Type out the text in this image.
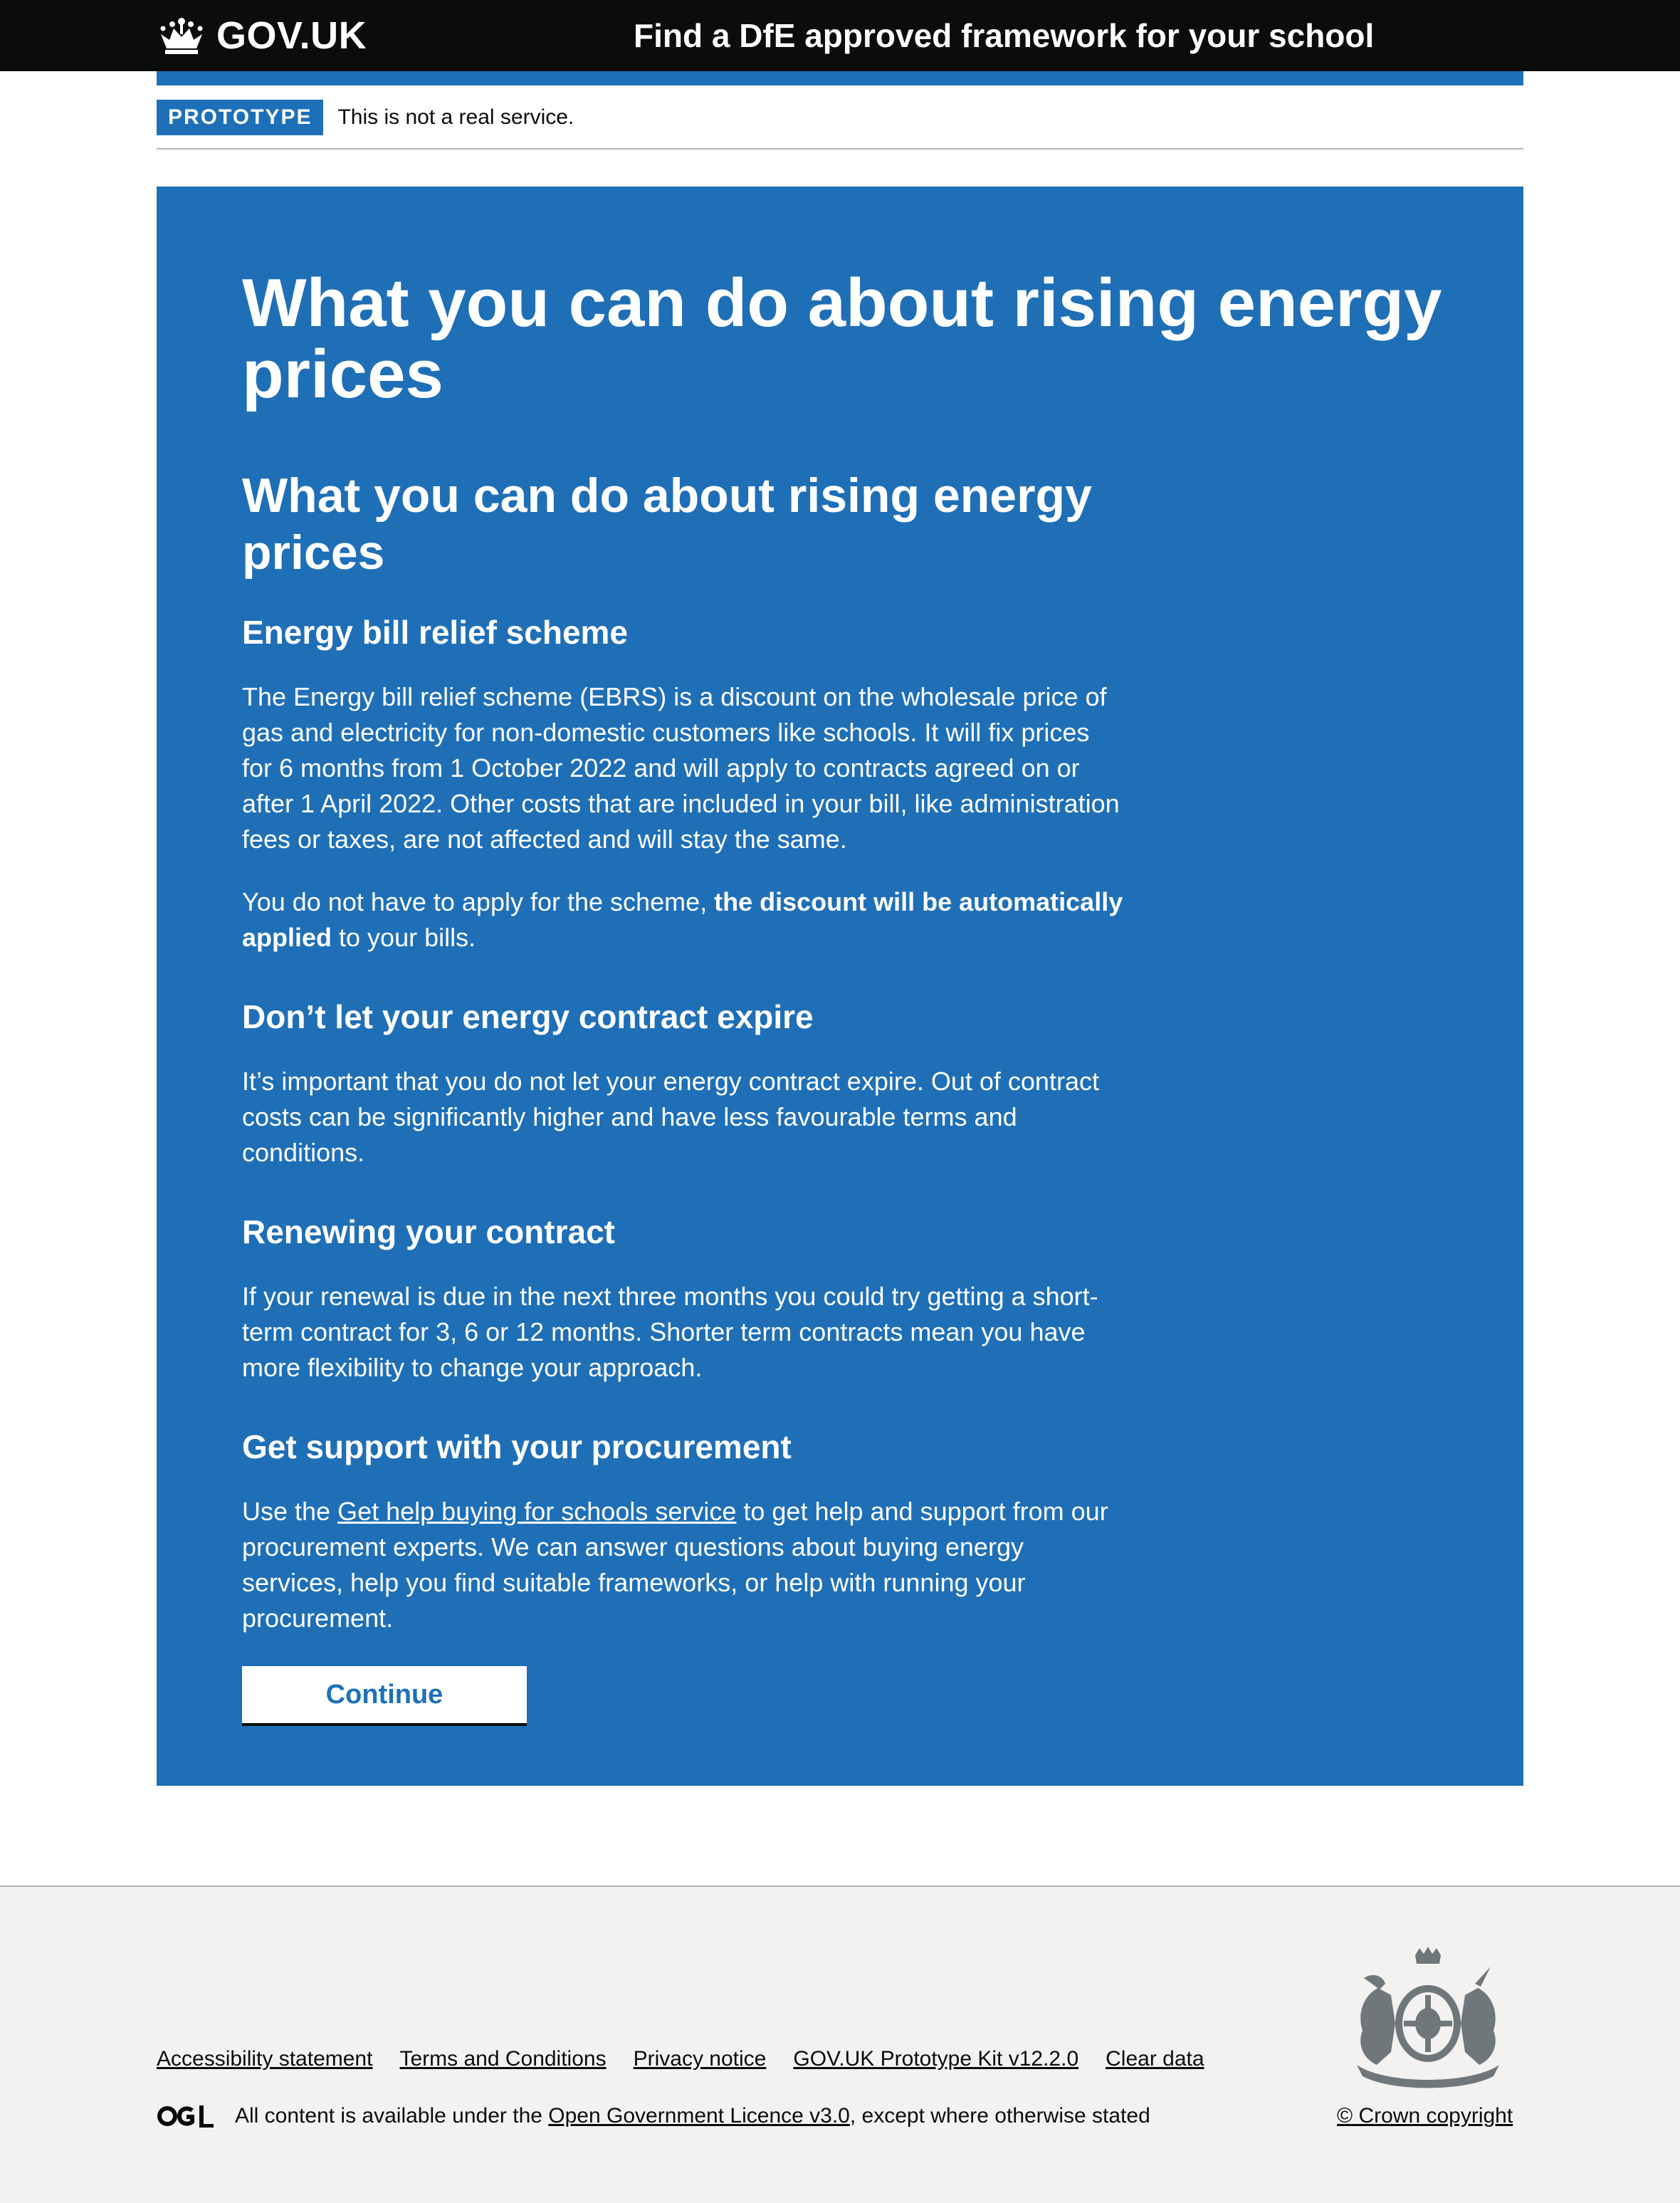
GOV.UK	Find a DfE approved framework for your school
PROTOTYPE	This is not a real service.
What you can do about rising energy prices
What you can do about rising energy prices
Energy bill relief scheme

The Energy bill relief scheme (EBRS) is a discount on the wholesale price of gas and electricity for non-domestic customers like schools. It will fix prices for 6 months from 1 October 2022 and will apply to contracts agreed on or after 1 April 2022. Other costs that are included in your bill, like administration fees or taxes, are not affected and will stay the same.

You do not have to apply for the scheme, the discount will be automatically applied to your bills.

Don’t let your energy contract expire

It’s important that you do not let your energy contract expire. Out of contract costs can be significantly higher and have less favourable terms and conditions.

Renewing your contract

If your renewal is due in the next three months you could try getting a short-term contract for 3, 6 or 12 months. Shorter term contracts mean you have more flexibility to change your approach.

Get support with your procurement

Use the Get help buying for schools service to get help and support from our procurement experts. We can answer questions about buying energy services, help you find suitable frameworks, or help with running your procurement.

Continue
Accessibility statement Terms and Conditions Privacy notice GOV.UK Prototype Kit v12.2.0 Clear data
All content is available under the Open Government Licence v3.0, except where otherwise stated	© Crown copyright
